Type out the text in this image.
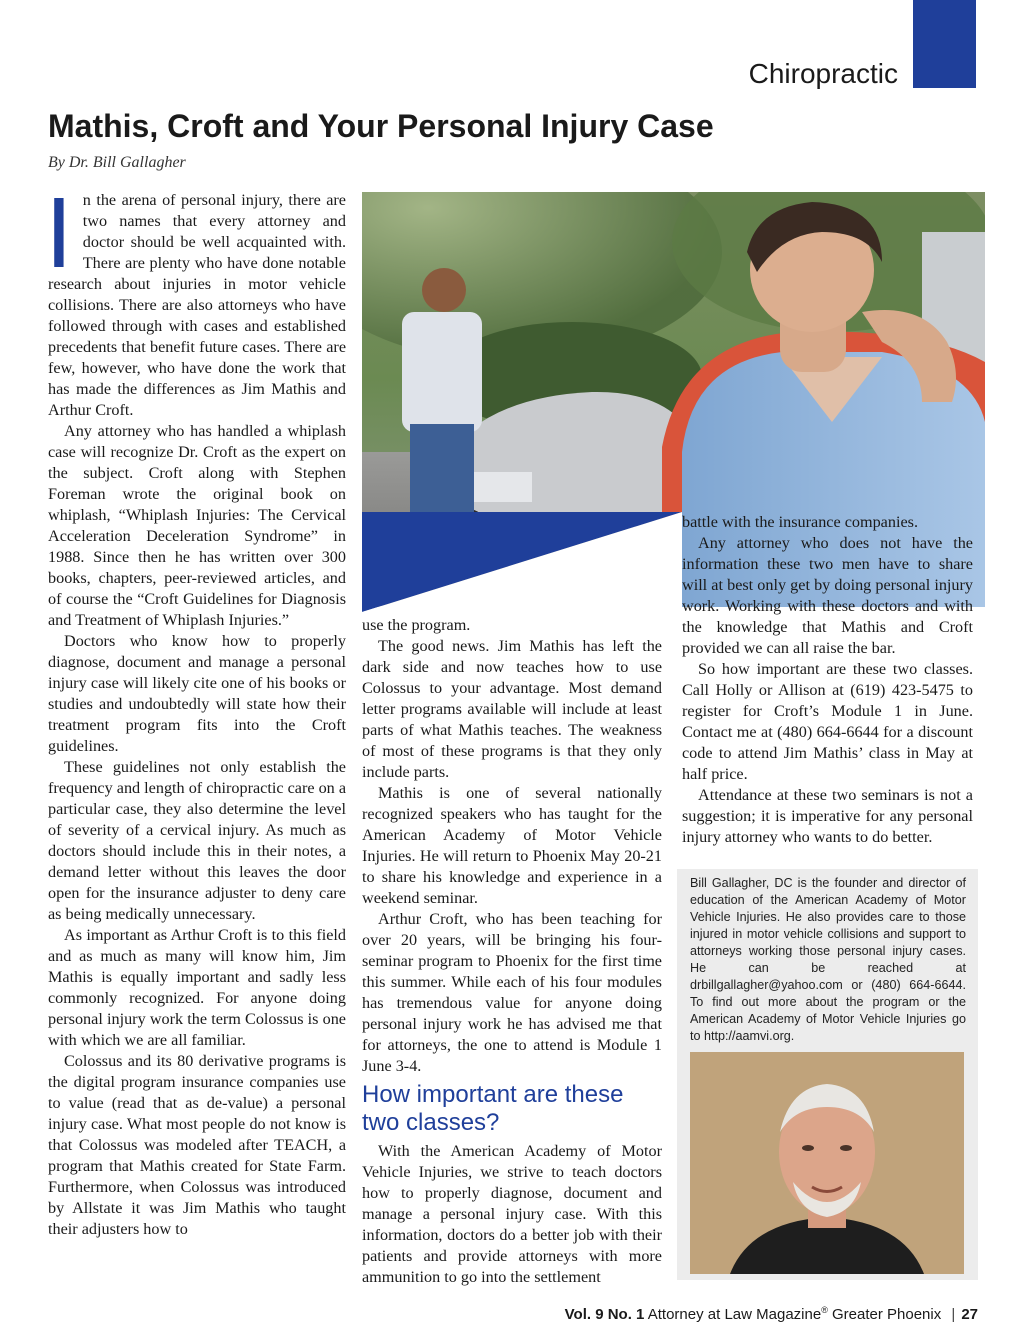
Chiropractic
Mathis, Croft and Your Personal Injury Case
By Dr. Bill Gallagher

In the arena of personal injury, there are two names that every attorney and doctor should be well acquainted with. There are plenty who have done notable research about injuries in motor vehicle collisions. There are also attorneys who have followed through with cases and established precedents that benefit future cases. There are few, however, who have done the work that has made the differences as Jim Mathis and Arthur Croft.

Any attorney who has handled a whiplash case will recognize Dr. Croft as the expert on the subject. Croft along with Stephen Foreman wrote the original book on whiplash, “Whiplash Injuries: The Cervical Acceleration Deceleration Syndrome” in 1988. Since then he has written over 300 books, chapters, peer-reviewed articles, and of course the “Croft Guidelines for Diagnosis and Treatment of Whiplash Injuries.”

Doctors who know how to properly diagnose, document and manage a personal injury case will likely cite one of his books or studies and undoubtedly will state how their treatment program fits into the Croft guidelines.

These guidelines not only establish the frequency and length of chiropractic care on a particular case, they also determine the level of severity of a cervical injury. As much as doctors should include this in their notes, a demand letter without this leaves the door open for the insurance adjuster to deny care as being medically unnecessary.

As important as Arthur Croft is to this field and as much as many will know him, Jim Mathis is equally important and sadly less commonly recognized. For anyone doing personal injury work the term Colossus is one with which we are all familiar.

Colossus and its 80 derivative programs is the digital program insurance companies use to value (read that as de-value) a personal injury case. What most people do not know is that Colossus was modeled after TEACH, a program that Mathis created for State Farm. Furthermore, when Colossus was introduced by Allstate it was Jim Mathis who taught their adjusters how to

use the program.

The good news. Jim Mathis has left the dark side and now teaches how to use Colossus to your advantage. Most demand letter programs available will include at least parts of what Mathis teaches. The weakness of most of these programs is that they only include parts.

Mathis is one of several nationally recognized speakers who has taught for the American Academy of Motor Vehicle Injuries. He will return to Phoenix May 20-21 to share his knowledge and experience in a weekend seminar.

Arthur Croft, who has been teaching for over 20 years, will be bringing his four-seminar program to Phoenix for the first time this summer. While each of his four modules has tremendous value for anyone doing personal injury work he has advised me that for attorneys, the one to attend is Module 1 June 3-4.

How important are these two classes?

With the American Academy of Motor Vehicle Injuries, we strive to teach doctors how to properly diagnose, document and manage a personal injury case. With this information, doctors do a better job with their patients and provide attorneys with more ammunition to go into the settlement

battle with the insurance companies.

Any attorney who does not have the information these two men have to share will at best only get by doing personal injury work. Working with these doctors and with the knowledge that Mathis and Croft provided we can all raise the bar.

So how important are these two classes. Call Holly or Allison at (619) 423-5475 to register for Croft’s Module 1 in June. Contact me at (480) 664-6644 for a discount code to attend Jim Mathis’ class in May at half price.

Attendance at these two seminars is not a suggestion; it is imperative for any personal injury attorney who wants to do better.

Bill Gallagher, DC is the founder and director of education of the American Academy of Motor Vehicle Injuries. He also provides care to those injured in motor vehicle collisions and support to attorneys working those personal injury cases. He can be reached at drbillgallagher@yahoo.com or (480) 664-6644. To find out more about the program or the American Academy of Motor Vehicle Injuries go to http://aamvi.org.
Vol. 9 No. 1 Attorney at Law Magazine® Greater Phoenix | 27
